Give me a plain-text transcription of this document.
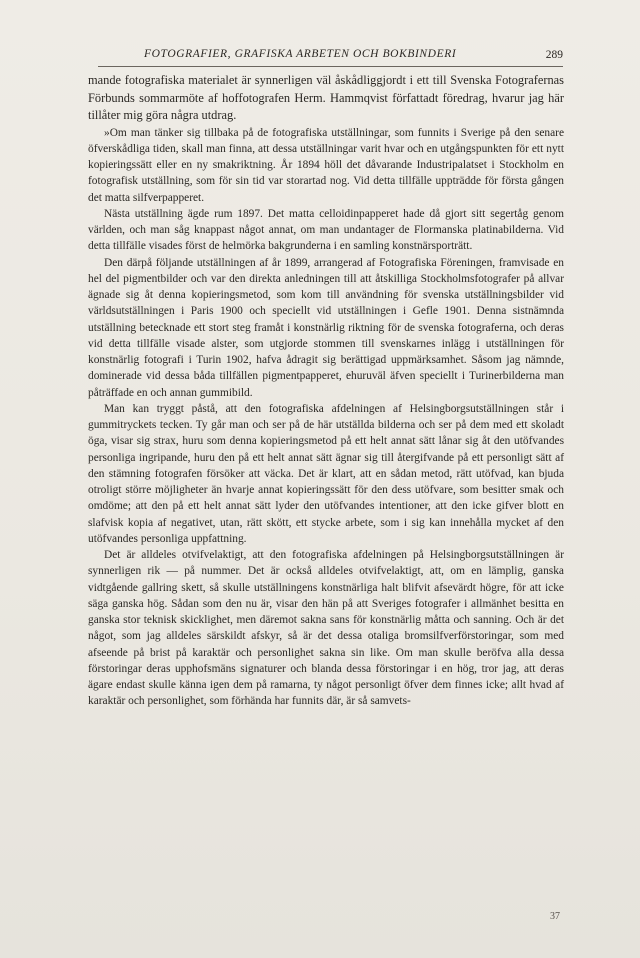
FOTOGRAFIER, GRAFISKA ARBETEN OCH BOKBINDERI	289

mande fotografiska materialet är synnerligen väl åskådliggjordt i ett till Svenska Fotografernas Förbunds sommarmöte af hoffotografen Herm. Hammqvist författadt föredrag, hvarur jag här tillåter mig göra några utdrag.

»Om man tänker sig tillbaka på de fotografiska utställningar, som funnits i Sverige på den senare öfverskådliga tiden, skall man finna, att dessa utställningar varit hvar och en utgångspunkten för ett nytt kopieringssätt eller en ny smakriktning. År 1894 höll det dåvarande Industripalatset i Stockholm en fotografisk utställning, som för sin tid var storartad nog. Vid detta tillfälle uppträdde för första gången det matta silfverpapperet.

Nästa utställning ägde rum 1897. Det matta celloidinpapperet hade då gjort sitt segertåg genom världen, och man såg knappast något annat, om man undantager de Flormanska platinabilderna. Vid detta tillfälle visades först de helmörka bakgrunderna i en samling konstnärsporträtt.

Den därpå följande utställningen af år 1899, arrangerad af Fotografiska Föreningen, framvisade en hel del pigmentbilder och var den direkta anledningen till att åtskilliga Stockholmsfotografer på allvar ägnade sig åt denna kopieringsmetod, som kom till användning för svenska utställningsbilder vid världsutställningen i Paris 1900 och speciellt vid utställningen i Gefle 1901. Denna sistnämnda utställning betecknade ett stort steg framåt i konstnärlig riktning för de svenska fotograferna, och deras vid detta tillfälle visade alster, som utgjorde stommen till svenskarnes inlägg i utställningen för konstnärlig fotografi i Turin 1902, hafva ådragit sig berättigad uppmärksamhet. Såsom jag nämnde, dominerade vid dessa båda tillfällen pigmentpapperet, ehuruväl äfven speciellt i Turinerbilderna man påträffade en och annan gummibild.

Man kan tryggt påstå, att den fotografiska afdelningen af Helsingborgsutställningen står i gummitryckets tecken. Ty går man och ser på de här utställda bilderna och ser på dem med ett skoladt öga, visar sig strax, huru som denna kopieringsmetod på ett helt annat sätt lånar sig åt den utöfvandes personliga ingripande, huru den på ett helt annat sätt ägnar sig till återgifvande på ett personligt sätt af den stämning fotografen försöker att väcka. Det är klart, att en sådan metod, rätt utöfvad, kan bjuda otroligt större möjligheter än hvarje annat kopieringssätt för den dess utöfvare, som besitter smak och omdöme; att den på ett helt annat sätt lyder den utöfvandes intentioner, att den icke gifver blott en slafvisk kopia af negativet, utan, rätt skött, ett stycke arbete, som i sig kan innehålla mycket af den utöfvandes personliga uppfattning.

Det är alldeles otvifvelaktigt, att den fotografiska afdelningen på Helsingborgsutställningen är synnerligen rik — på nummer. Det är också alldeles otvifvelaktigt, att, om en lämplig, ganska vidtgående gallring skett, så skulle utställningens konstnärliga halt blifvit afsevärdt högre, för att icke säga ganska hög. Sådan som den nu är, visar den hän på att Sveriges fotografer i allmänhet besitta en ganska stor teknisk skicklighet, men däremot sakna sans för konstnärlig måtta och sanning. Och är det något, som jag alldeles särskildt afskyr, så är det dessa otaliga bromsilfverförstoringar, som med afseende på brist på karaktär och personlighet sakna sin like. Om man skulle beröfva alla dessa förstoringar deras upphofsmäns signaturer och blanda dessa förstoringar i en hög, tror jag, att deras ägare endast skulle känna igen dem på ramarna, ty något personligt öfver dem finnes icke; allt hvad af karaktär och personlighet, som förhända har funnits där, är så samvets-

37
